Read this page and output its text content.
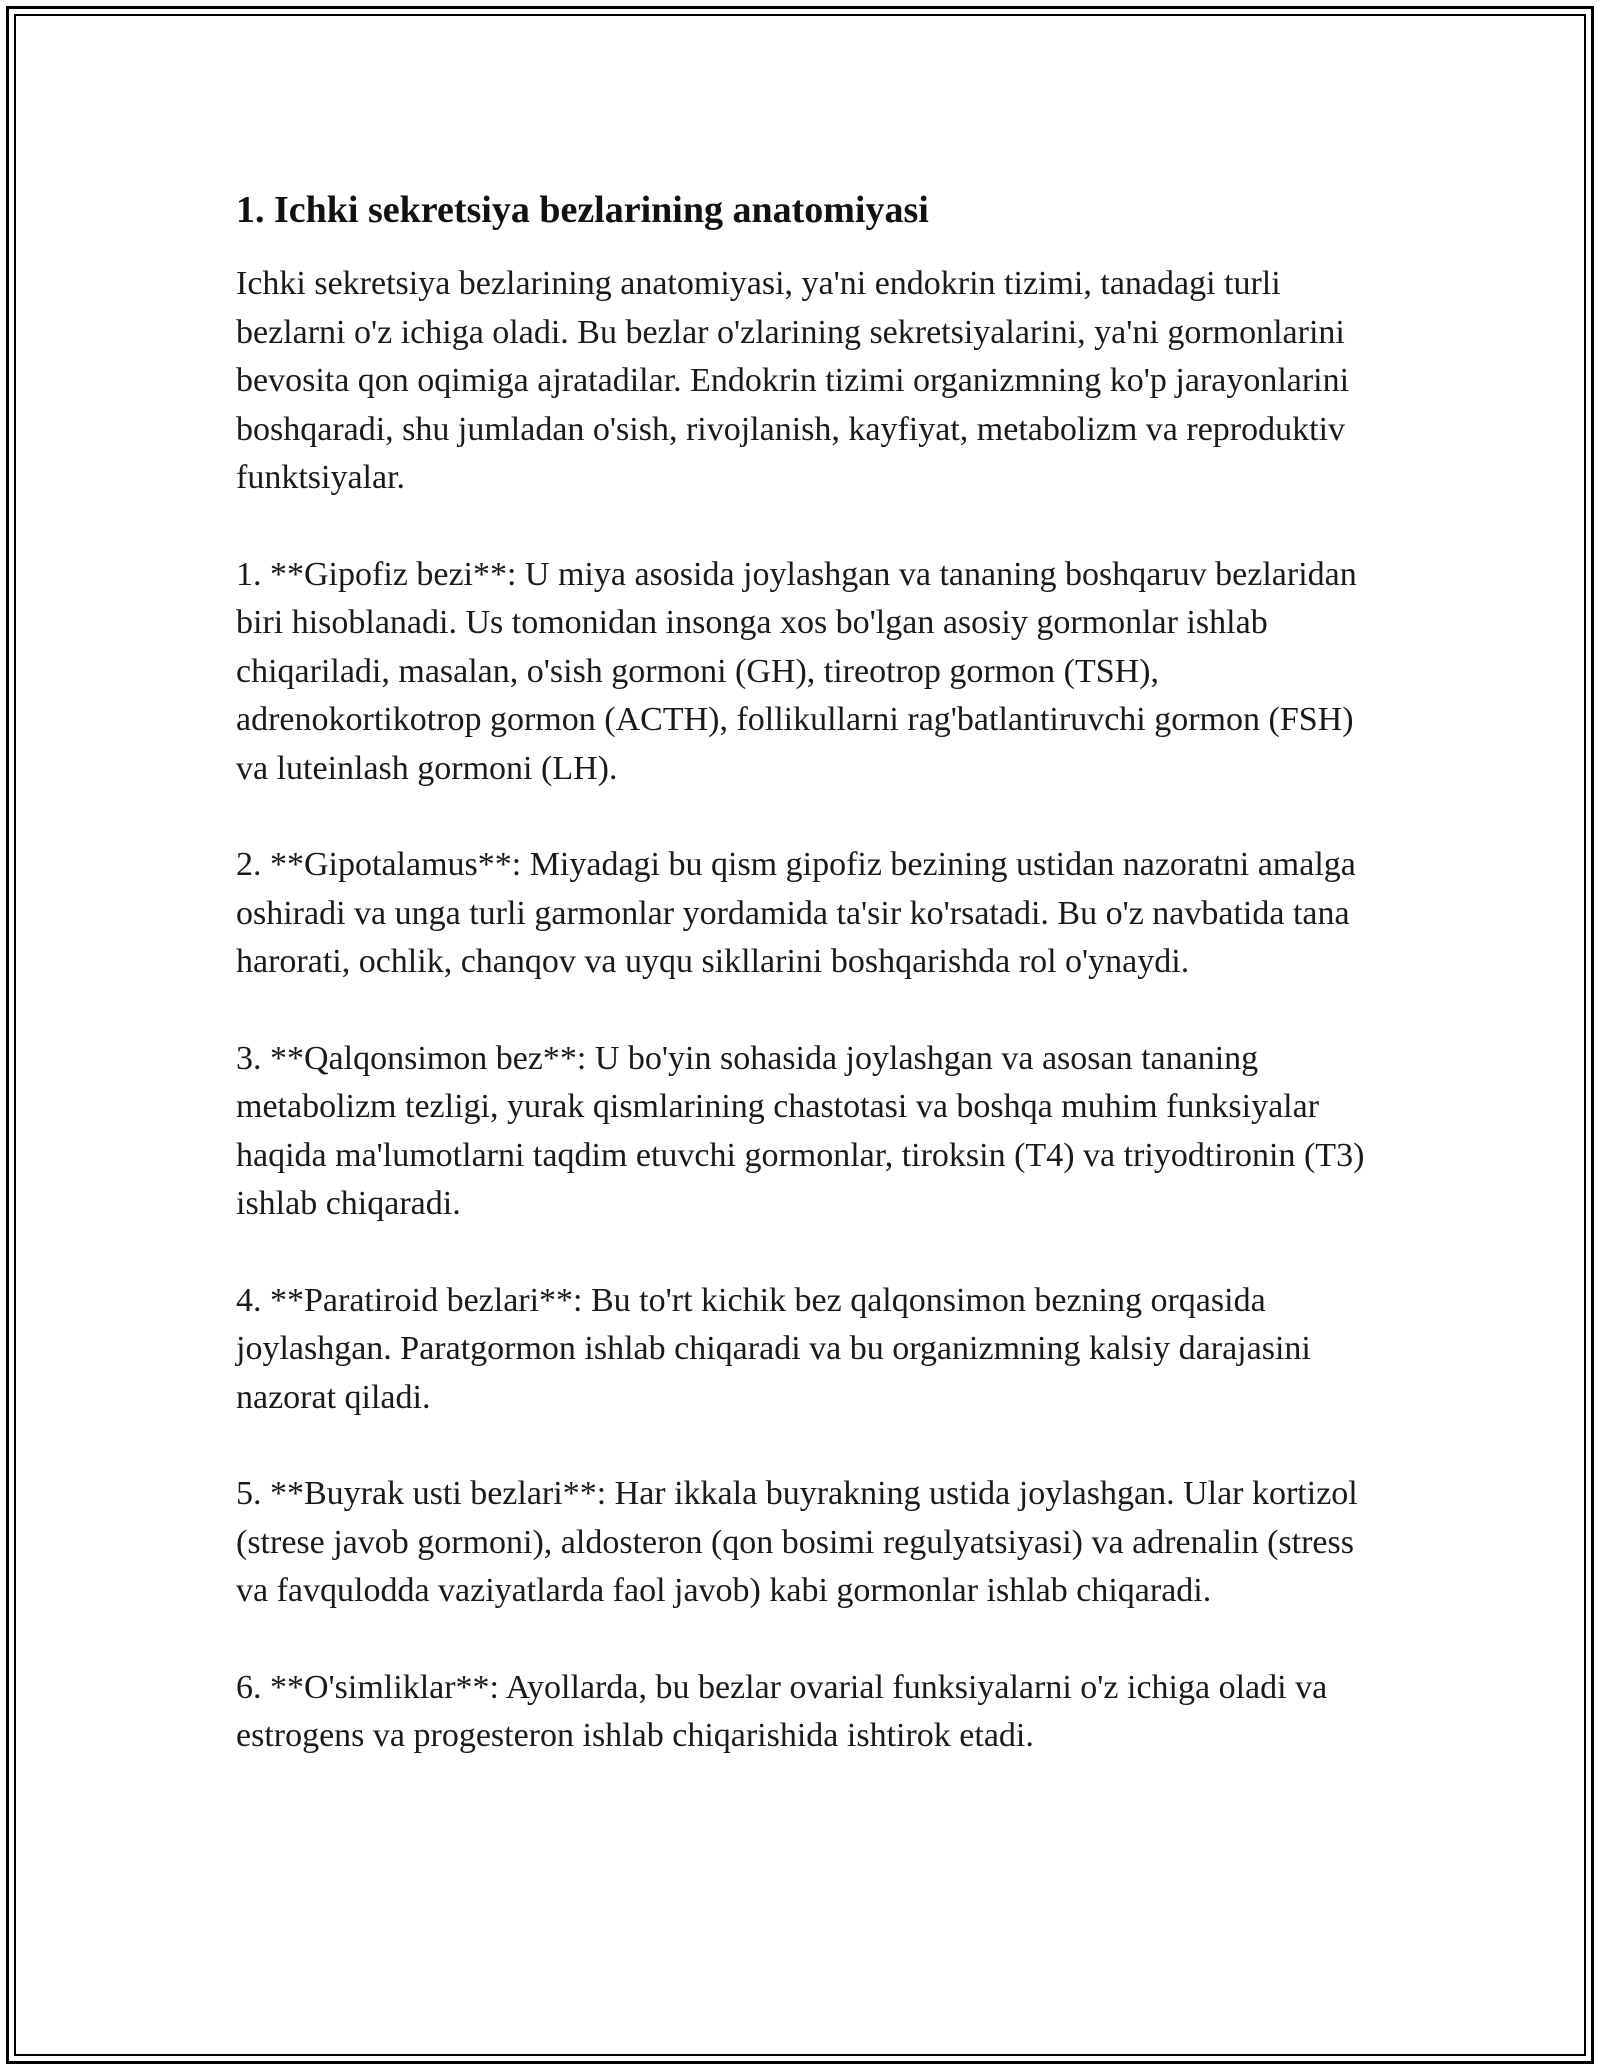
1. Ichki sekretsiya bezlarining anatomiyasi

Ichki sekretsiya bezlarining anatomiyasi, ya'ni endokrin tizimi, tanadagi turli bezlarni o'z ichiga oladi. Bu bezlar o'zlarining sekretsiyalarini, ya'ni gormonlarini bevosita qon oqimiga ajratadilar. Endokrin tizimi organizmning ko'p jarayonlarini boshqaradi, shu jumladan o'sish, rivojlanish, kayfiyat, metabolizm va reproduktiv funktsiyalar.

1. **Gipofiz bezi**: U miya asosida joylashgan va tananing boshqaruv bezlaridan biri hisoblanadi. Us tomonidan insonga xos bo'lgan asosiy gormonlar ishlab chiqariladi, masalan, o'sish gormoni (GH), tireotrop gormon (TSH), adrenokortikotrop gormon (ACTH), follikullarni rag'batlantiruvchi gormon (FSH) va luteinlash gormoni (LH).

2. **Gipotalamus**: Miyadagi bu qism gipofiz bezining ustidan nazoratni amalga oshiradi va unga turli garmonlar yordamida ta'sir ko'rsatadi. Bu o'z navbatida tana harorati, ochlik, chanqov va uyqu sikllarini boshqarishda rol o'ynaydi.

3. **Qalqonsimon bez**: U bo'yin sohasida joylashgan va asosan tananing metabolizm tezligi, yurak qismlarining chastotasi va boshqa muhim funksiyalar haqida ma'lumotlarni taqdim etuvchi gormonlar, tiroksin (T4) va triyodtironin (T3) ishlab chiqaradi.

4. **Paratiroid bezlari**: Bu to'rt kichik bez qalqonsimon bezning orqasida joylashgan. Paratgormon ishlab chiqaradi va bu organizmning kalsiy darajasini nazorat qiladi.

5. **Buyrak usti bezlari**: Har ikkala buyrakning ustida joylashgan. Ular kortizol (strese javob gormoni), aldosteron (qon bosimi regulyatsiyasi) va adrenalin (stress va favqulodda vaziyatlarda faol javob) kabi gormonlar ishlab chiqaradi.

6. **O'simliklar**: Ayollarda, bu bezlar ovarial funksiyalarni o'z ichiga oladi va estrogens va progesteron ishlab chiqarishida ishtirok etadi.
